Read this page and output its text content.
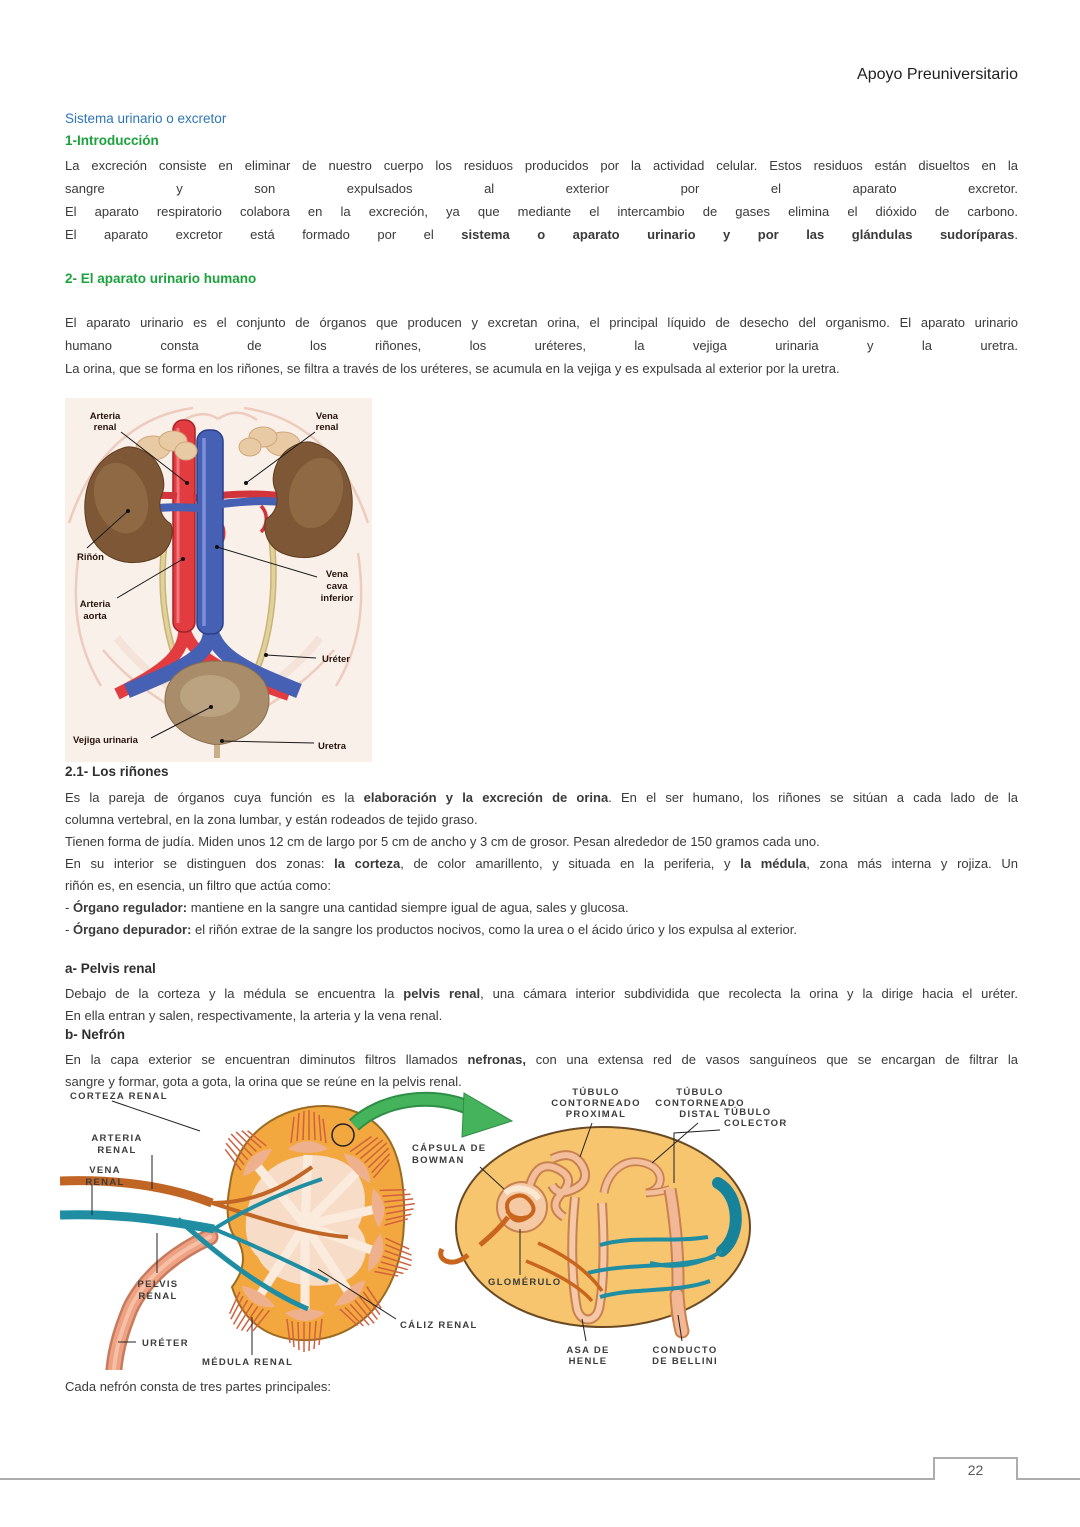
Apoyo Preuniversitario
Sistema urinario o excretor
1-Introducción
La excreción consiste en eliminar de nuestro cuerpo los residuos producidos por la actividad celular. Estos residuos están disueltos en la
sangre y son expulsados al exterior por el aparato excretor.
El aparato respiratorio colabora en la excreción, ya que mediante el intercambio de gases elimina el dióxido de carbono.
El aparato excretor está formado por el sistema o aparato urinario y por las glándulas sudoríparas.
2- El aparato urinario humano
El aparato urinario es el conjunto de órganos que producen y excretan orina, el principal líquido de desecho del organismo. El aparato urinario
humano consta de los riñones, los uréteres, la vejiga urinaria y la uretra.
La orina, que se forma en los riñones, se filtra a través de los uréteres, se acumula en la vejiga y es expulsada al exterior por la uretra.
Arteria
renal
Vena
renal
Riñón
Arteria
aorta
Vena
cava
inferior
Uréter
Vejiga urinaria
Uretra
2.1- Los riñones
Es la pareja de órganos cuya función es la elaboración y la excreción de orina. En el ser humano, los riñones se sitúan a cada lado de la
columna vertebral, en la zona lumbar, y están rodeados de tejido graso.
Tienen forma de judía. Miden unos 12 cm de largo por 5 cm de ancho y 3 cm de grosor. Pesan alrededor de 150 gramos cada uno.
En su interior se distinguen dos zonas: la corteza, de color amarillento, y situada en la periferia, y la médula, zona más interna y rojiza. Un
riñón es, en esencia, un filtro que actúa como:
- Órgano regulador: mantiene en la sangre una cantidad siempre igual de agua, sales y glucosa.
- Órgano depurador: el riñón extrae de la sangre los productos nocivos, como la urea o el ácido úrico y los expulsa al exterior.
a- Pelvis renal
Debajo de la corteza y la médula se encuentra la pelvis renal, una cámara interior subdividida que recolecta la orina y la dirige hacia el uréter.
En ella entran y salen, respectivamente, la arteria y la vena renal.
b- Nefrón
En la capa exterior se encuentran diminutos filtros llamados nefronas, con una extensa red de vasos sanguíneos que se encargan de filtrar la
sangre y formar, gota a gota, la orina que se reúne en la pelvis renal.
CORTEZA RENAL
ARTERIA
RENAL
VENA
RENAL
PELVIS
RENAL
URÉTER
MÉDULA RENAL
CÁLIZ RENAL
CÁPSULA DE
BOWMAN
TÚBULO
CONTORNEADO
PROXIMAL
TÚBULO
CONTORNEADO
DISTAL TÚBULO
COLECTOR
GLOMÉRULO
ASA DE
HENLE
CONDUCTO
DE BELLINI
Cada nefrón consta de tres partes principales:
22
